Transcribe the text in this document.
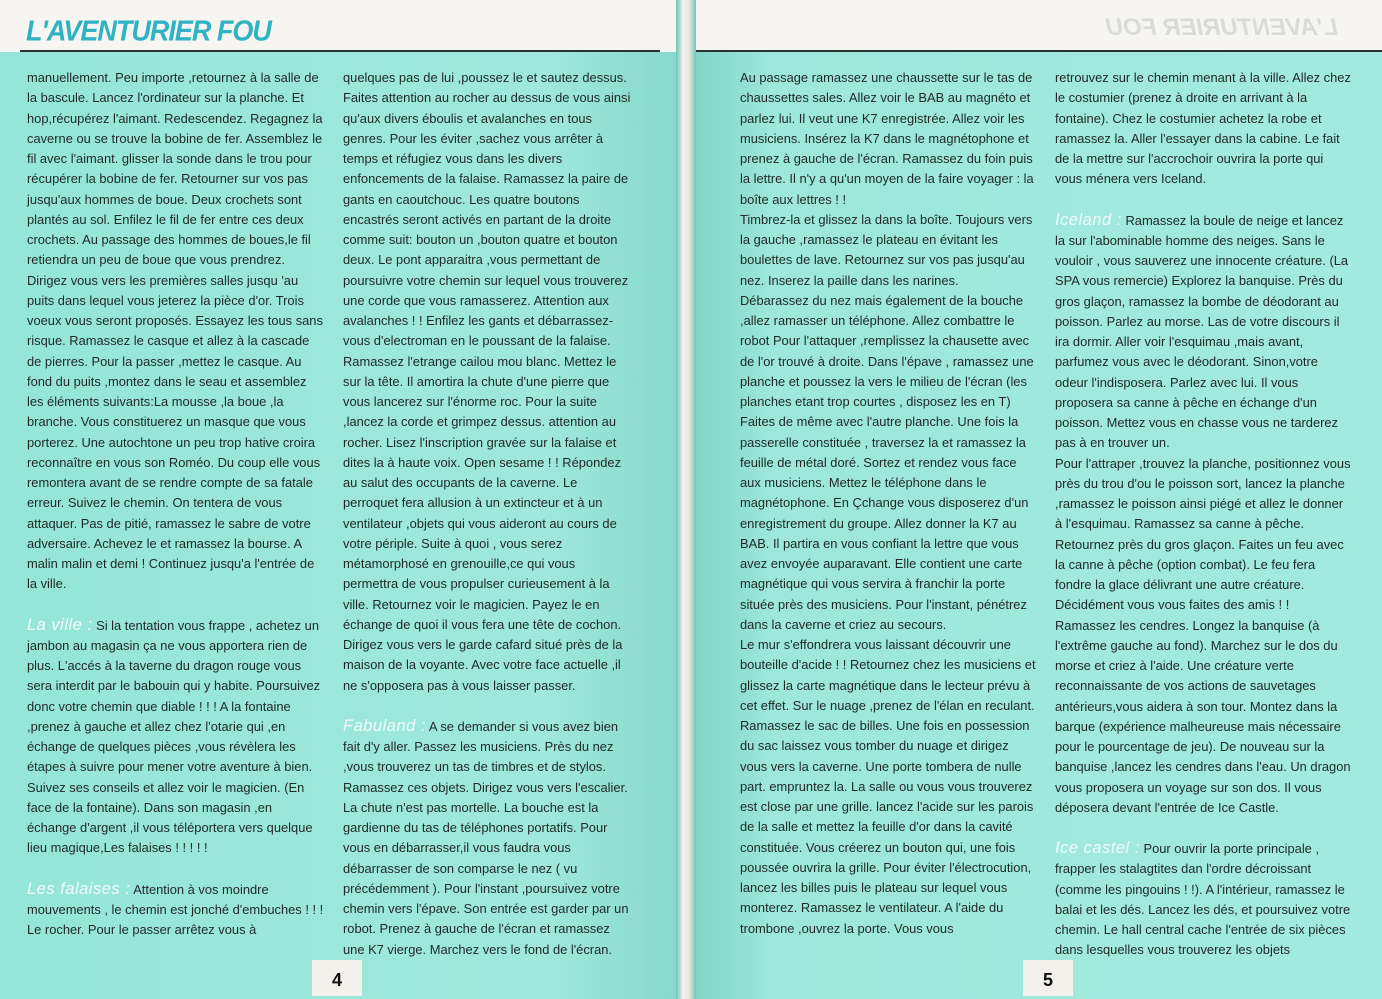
L'AVENTURIER FOU

manuellement. Peu importe ,retournez à la salle de la bascule. Lancez l'ordinateur sur la planche. Et hop,récupérez l'aimant. Redescendez. Regagnez la caverne ou se trouve la bobine de fer. Assemblez le fil avec l'aimant. glisser la sonde dans le trou pour récupérer la bobine de fer. Retourner sur vos pas jusqu'aux hommes de boue. Deux crochets sont plantés au sol. Enfilez le fil de fer entre ces deux crochets. Au passage des hommes de boues,le fil retiendra un peu de boue que vous prendrez. Dirigez vous vers les premières salles jusqu 'au puits dans lequel vous jeterez la pièce d'or. Trois voeux vous seront proposés. Essayez les tous sans risque. Ramassez le casque et allez à la cascade de pierres. Pour la passer ,mettez le casque. Au fond du puits ,montez dans le seau et assemblez les éléments suivants:La mousse ,la boue ,la branche. Vous constituerez un masque que vous porterez. Une autochtone un peu trop hative croira reconnaître en vous son Roméo. Du coup elle vous remontera avant de se rendre compte de sa fatale erreur. Suivez le chemin. On tentera de vous attaquer. Pas de pitié, ramassez le sabre de votre adversaire. Achevez le et ramassez la bourse. A malin malin et demi ! Continuez jusqu'a l'entrée de la ville.

La ville : Si la tentation vous frappe , achetez un jambon au magasin ça ne vous apportera rien de plus. L'accés à la taverne du dragon rouge vous sera interdit par le babouin qui y habite. Poursuivez donc votre chemin que diable ! ! ! A la fontaine ,prenez à gauche et allez chez l'otarie qui ,en échange de quelques pièces ,vous révèlera les étapes à suivre pour mener votre aventure à bien. Suivez ses conseils et allez voir le magicien. (En face de la fontaine). Dans son magasin ,en échange d'argent ,il vous téléportera vers quelque lieu magique,Les falaises ! ! ! ! !

Les falaises : Attention à vos moindre mouvements , le chemin est jonché d'embuches ! ! ! Le rocher. Pour le passer arrêtez vous à

quelques pas de lui ,poussez le et sautez dessus. Faites attention au rocher au dessus de vous ainsi qu'aux divers éboulis et avalanches en tous genres. Pour les éviter ,sachez vous arrêter à temps et réfugiez vous dans les divers enfoncements de la falaise. Ramassez la paire de gants en caoutchouc. Les quatre boutons encastrés seront activés en partant de la droite comme suit: bouton un ,bouton quatre et bouton deux. Le pont apparaitra ,vous permettant de poursuivre votre chemin sur lequel vous trouverez une corde que vous ramasserez. Attention aux avalanches ! ! Enfilez les gants et débarrassez-vous d'electroman en le poussant de la falaise. Ramassez l'etrange cailou mou blanc. Mettez le sur la tête. Il amortira la chute d'une pierre que vous lancerez sur l'énorme roc. Pour la suite ,lancez la corde et grimpez dessus. attention au rocher. Lisez l'inscription gravée sur la falaise et dites la à haute voix. Open sesame ! ! Répondez au salut des occupants de la caverne. Le perroquet fera allusion à un extincteur et à un ventilateur ,objets qui vous aideront au cours de votre périple. Suite à quoi , vous serez métamorphosé en grenouille,ce qui vous permettra de vous propulser curieusement à la ville. Retournez voir le magicien. Payez le en échange de quoi il vous fera une tête de cochon. Dirigez vous vers le garde cafard situé près de la maison de la voyante. Avec votre face actuelle ,il ne s'opposera pas à vous laisser passer.

Fabuland : A se demander si vous avez bien fait d'y aller. Passez les musiciens. Près du nez ,vous trouverez un tas de timbres et de stylos. Ramassez ces objets. Dirigez vous vers l'escalier. La chute n'est pas mortelle. La bouche est la gardienne du tas de téléphones portatifs. Pour vous en débarrasser,il vous faudra vous débarrasser de son comparse le nez ( vu précédemment ). Pour l'instant ,poursuivez votre chemin vers l'épave. Son entrée est garder par un robot. Prenez à gauche de l'écran et ramassez une K7 vierge. Marchez vers le fond de l'écran.

4
L'AVENTURIER FOU

Au passage ramassez une chaussette sur le tas de chaussettes sales. Allez voir le BAB au magnéto et parlez lui. Il veut une K7 enregistrée. Allez voir les musiciens. Insérez la K7 dans le magnétophone et prenez à gauche de l'écran. Ramassez du foin puis la lettre. Il n'y a qu'un moyen de la faire voyager : la boîte aux lettres ! !

Timbrez-la et glissez la dans la boîte. Toujours vers la gauche ,ramassez le plateau en évitant les boulettes de lave. Retournez sur vos pas jusqu'au nez. Inserez la paille dans les narines.

Débarassez du nez mais également de la bouche ,allez ramasser un téléphone. Allez combattre le robot Pour l'attaquer ,remplissez la chausette avec de l'or trouvé à droite. Dans l'épave , ramassez une planche et poussez la vers le milieu de l'écran (les planches etant trop courtes , disposez les en T) Faites de même avec l'autre planche. Une fois la passerelle constituée , traversez la et ramassez la feuille de métal doré. Sortez et rendez vous face aux musiciens. Mettez le téléphone dans le magnétophone. En Çchange vous disposerez d'un enregistrement du groupe. Allez donner la K7 au BAB. Il partira en vous confiant la lettre que vous avez envoyée auparavant. Elle contient une carte magnétique qui vous servira à franchir la porte située près des musiciens. Pour l'instant, pénétrez dans la caverne et criez au secours.

Le mur s'effondrera vous laissant découvrir une bouteille d'acide ! ! Retournez chez les musiciens et glissez la carte magnétique dans le lecteur prévu à cet effet. Sur le nuage ,prenez de l'élan en reculant. Ramassez le sac de billes. Une fois en possession du sac laissez vous tomber du nuage et dirigez vous vers la caverne. Une porte tombera de nulle part. empruntez la. La salle ou vous vous trouverez est close par une grille. lancez l'acide sur les parois de la salle et mettez la feuille d'or dans la cavité constituée. Vous créerez un bouton qui, une fois poussée ouvrira la grille. Pour éviter l'électrocution, lancez les billes puis le plateau sur lequel vous monterez. Ramassez le ventilateur. A l'aide du trombone ,ouvrez la porte. Vous vous

retrouvez sur le chemin menant à la ville. Allez chez le costumier (prenez à droite en arrivant à la fontaine). Chez le costumier achetez la robe et ramassez la. Aller l'essayer dans la cabine. Le fait de la mettre sur l'accrochoir ouvrira la porte qui vous ménera vers Iceland.

Iceland : Ramassez la boule de neige et lancez la sur l'abominable homme des neiges. Sans le vouloir , vous sauverez une innocente créature. (La SPA vous remercie) Explorez la banquise. Près du gros glaçon, ramassez la bombe de déodorant au poisson. Parlez au morse. Las de votre discours il ira dormir. Aller voir l'esquimau ,mais avant, parfumez vous avec le déodorant. Sinon,votre odeur l'indisposera. Parlez avec lui. Il vous proposera sa canne à pêche en échange d'un poisson. Mettez vous en chasse vous ne tarderez pas à en trouver un.

Pour l'attraper ,trouvez la planche, positionnez vous près du trou d'ou le poisson sort, lancez la planche ,ramassez le poisson ainsi piégé et allez le donner à l'esquimau. Ramassez sa canne à pêche. Retournez près du gros glaçon. Faites un feu avec la canne à pêche (option combat). Le feu fera fondre la glace délivrant une autre créature. Décidément vous vous faites des amis ! ! Ramassez les cendres. Longez la banquise (à l'extrême gauche au fond). Marchez sur le dos du morse et criez à l'aide. Une créature verte reconnaissante de vos actions de sauvetages antérieurs,vous aidera à son tour. Montez dans la barque (expérience malheureuse mais nécessaire pour le pourcentage de jeu). De nouveau sur la banquise ,lancez les cendres dans l'eau. Un dragon vous proposera un voyage sur son dos. Il vous déposera devant l'entrée de Ice Castle.

Ice castel : Pour ouvrir la porte principale , frapper les stalagtites dan l'ordre décroissant (comme les pingouins ! !). A l'intérieur, ramassez le balai et les dés. Lancez les dés, et poursuivez votre chemin. Le hall central cache l'entrée de six pièces dans lesquelles vous trouverez les objets

5
